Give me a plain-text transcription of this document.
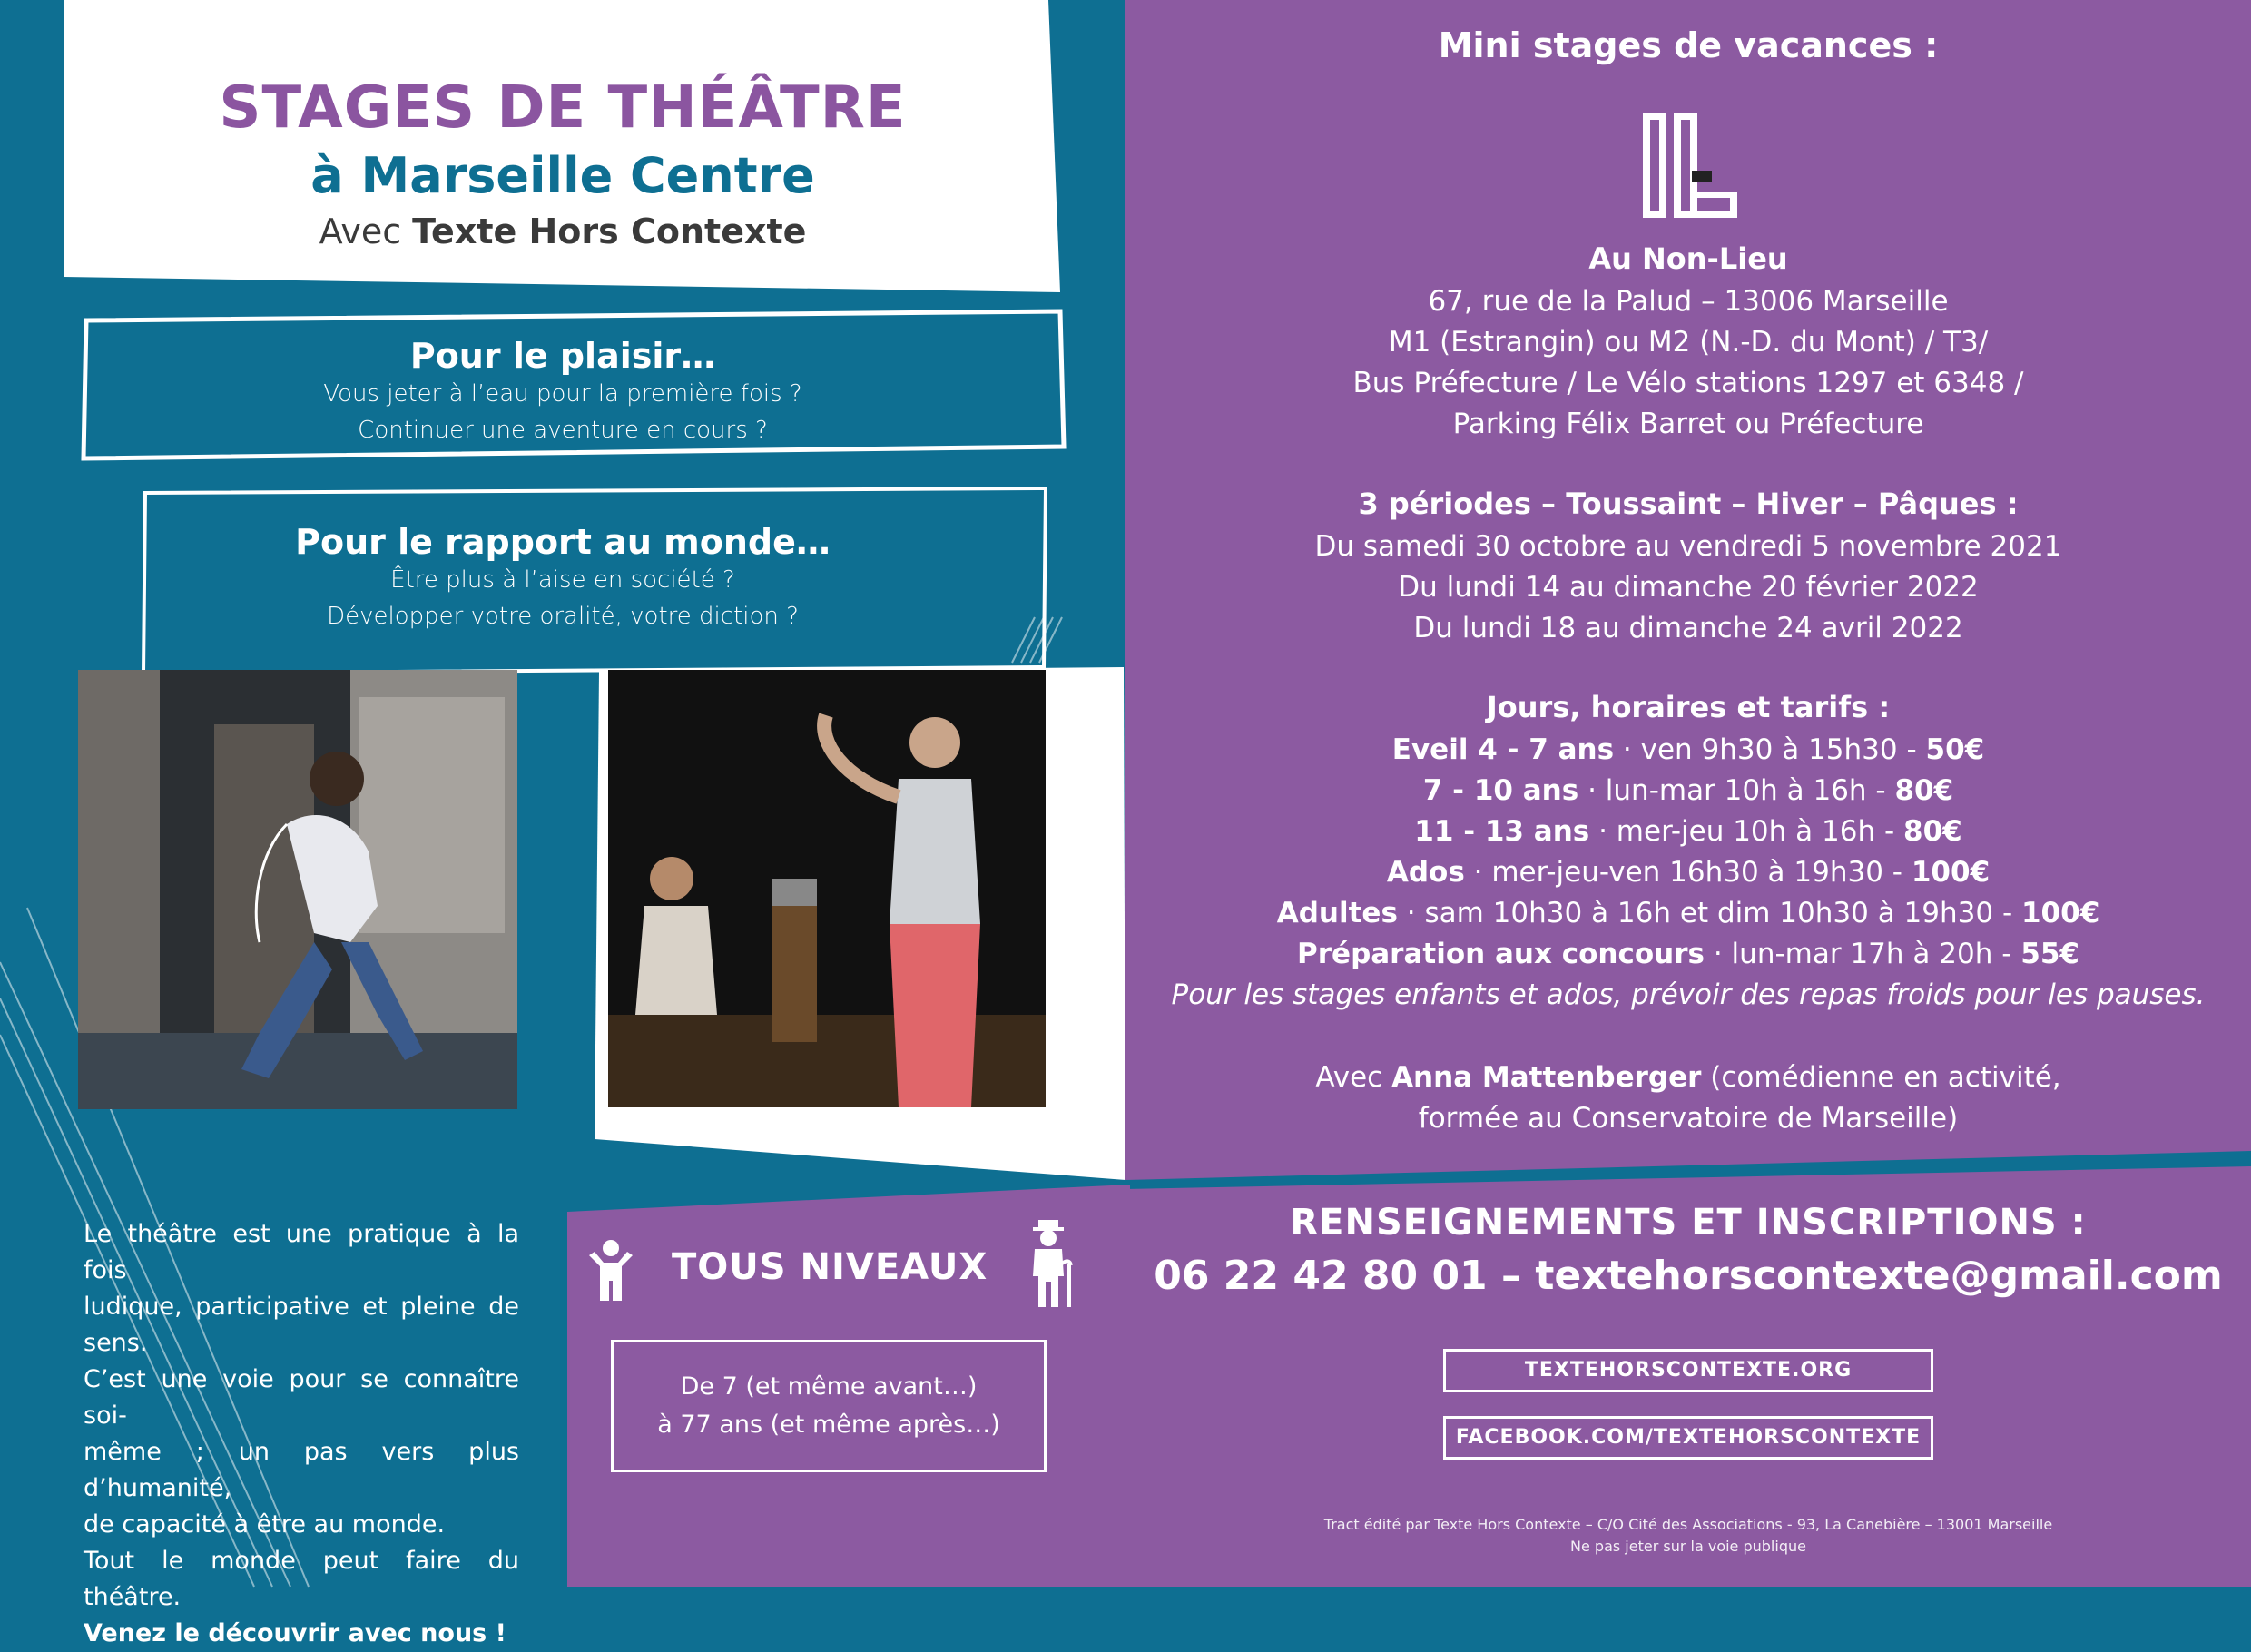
STAGES DE THÉÂTRE
à Marseille Centre
Avec Texte Hors Contexte
Pour le plaisir…
Vous jeter à l’eau pour la première fois ?
Continuer une aventure en cours ?
Pour le rapport au monde…
Être plus à l’aise en société ?
Développer votre oralité, votre diction ?
Le théâtre est une pratique à la fois
ludique, participative et pleine de sens.
C’est une voie pour se connaître soi-
même ; un pas vers plus d’humanité,
de capacité à être au monde.
Tout le monde peut faire du théâtre.
Venez le découvrir avec nous !
TOUS NIVEAUX
De 7 (et même avant…)
à 77 ans (et même après…)
Mini stages de vacances :
Au Non-Lieu
67, rue de la Palud – 13006 Marseille
M1 (Estrangin) ou M2 (N.-D. du Mont) / T3/
Bus Préfecture / Le Vélo stations 1297 et 6348 /
Parking Félix Barret ou Préfecture
3 périodes – Toussaint – Hiver – Pâques :
Du samedi 30 octobre au vendredi 5 novembre 2021
Du lundi 14 au dimanche 20 février 2022
Du lundi 18 au dimanche 24 avril 2022
Jours, horaires et tarifs :
Eveil 4 - 7 ans · ven 9h30 à 15h30 - 50€
7 - 10 ans · lun-mar 10h à 16h - 80€
11 - 13 ans · mer-jeu 10h à 16h - 80€
Ados · mer-jeu-ven 16h30 à 19h30 - 100€
Adultes · sam 10h30 à 16h et dim 10h30 à 19h30 - 100€
Préparation aux concours · lun-mar 17h à 20h - 55€
Pour les stages enfants et ados, prévoir des repas froids pour les pauses.
Avec Anna Mattenberger (comédienne en activité,
formée au Conservatoire de Marseille)
RENSEIGNEMENTS ET INSCRIPTIONS :
06 22 42 80 01 – textehorscontexte@gmail.com
TEXTEHORSCONTEXTE.ORG
FACEBOOK.COM/TEXTEHORSCONTEXTE
Tract édité par Texte Hors Contexte – C/O Cité des Associations - 93, La Canebière – 13001 Marseille
Ne pas jeter sur la voie publique
